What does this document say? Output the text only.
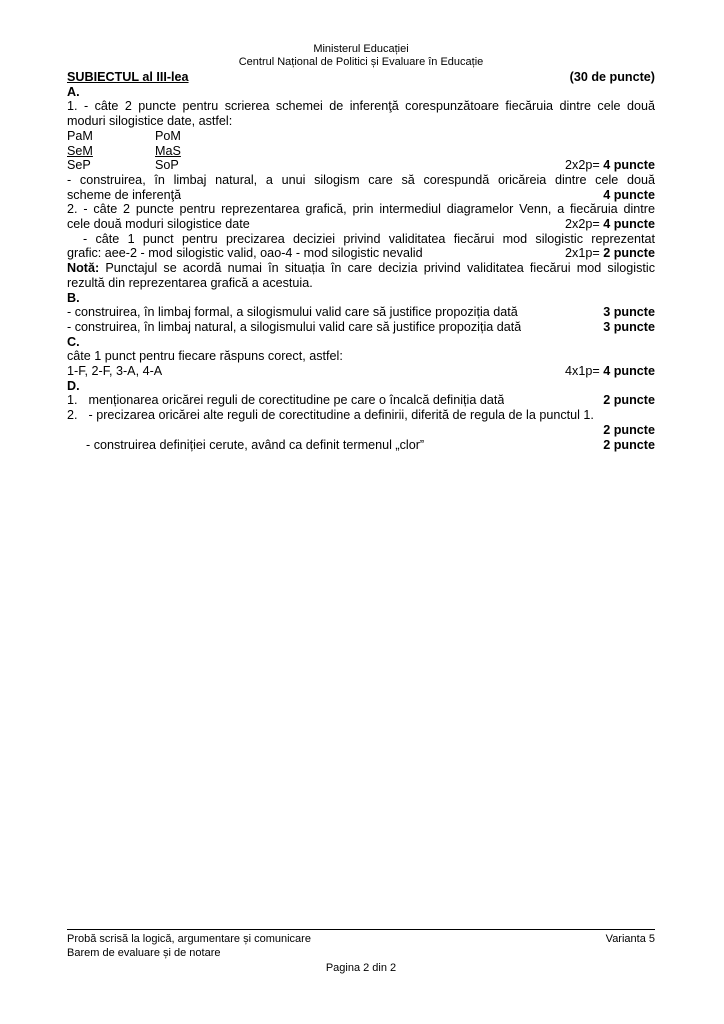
Ministerul Educației
Centrul Național de Politici și Evaluare în Educație
SUBIECTUL al III-lea	(30 de puncte)
A.
1. - câte 2 puncte pentru scrierea schemei de inferenţă corespunzătoare fiecăruia dintre cele două
moduri silogistice date, astfel:
PaM	PoM
SeM	MaS
SeP	SoP	2x2p= 4 puncte
- construirea, în limbaj natural, a unui silogism care să corespundă oricăreia dintre cele două
scheme de inferenţă	4 puncte
2. - câte 2 puncte pentru reprezentarea grafică, prin intermediul diagramelor Venn, a fiecăruia dintre
cele două moduri silogistice date	2x2p= 4 puncte
- câte 1 punct pentru precizarea deciziei privind validitatea fiecărui mod silogistic reprezentat
grafic: aee-2 - mod silogistic valid, oao-4 - mod silogistic nevalid	2x1p= 2 puncte
Notă: Punctajul se acordă numai în situația în care decizia privind validitatea fiecărui mod silogistic
rezultă din reprezentarea grafică a acestuia.
B.
- construirea, în limbaj formal, a silogismului valid care să justifice propoziția dată	3 puncte
- construirea, în limbaj natural, a silogismului valid care să justifice propoziția dată	3 puncte
C.
câte 1 punct pentru fiecare răspuns corect, astfel:
1-F, 2-F, 3-A, 4-A	4x1p= 4 puncte
D.
1. menționarea oricărei reguli de corectitudine pe care o încalcă definiția dată	2 puncte
2. - precizarea oricărei alte reguli de corectitudine a definirii, diferită de regula de la punctul 1.
2 puncte
- construirea definiției cerute, având ca definit termenul „clor”	2 puncte
Probă scrisă la logică, argumentare și comunicare	Varianta 5
Barem de evaluare și de notare
Pagina 2 din 2
